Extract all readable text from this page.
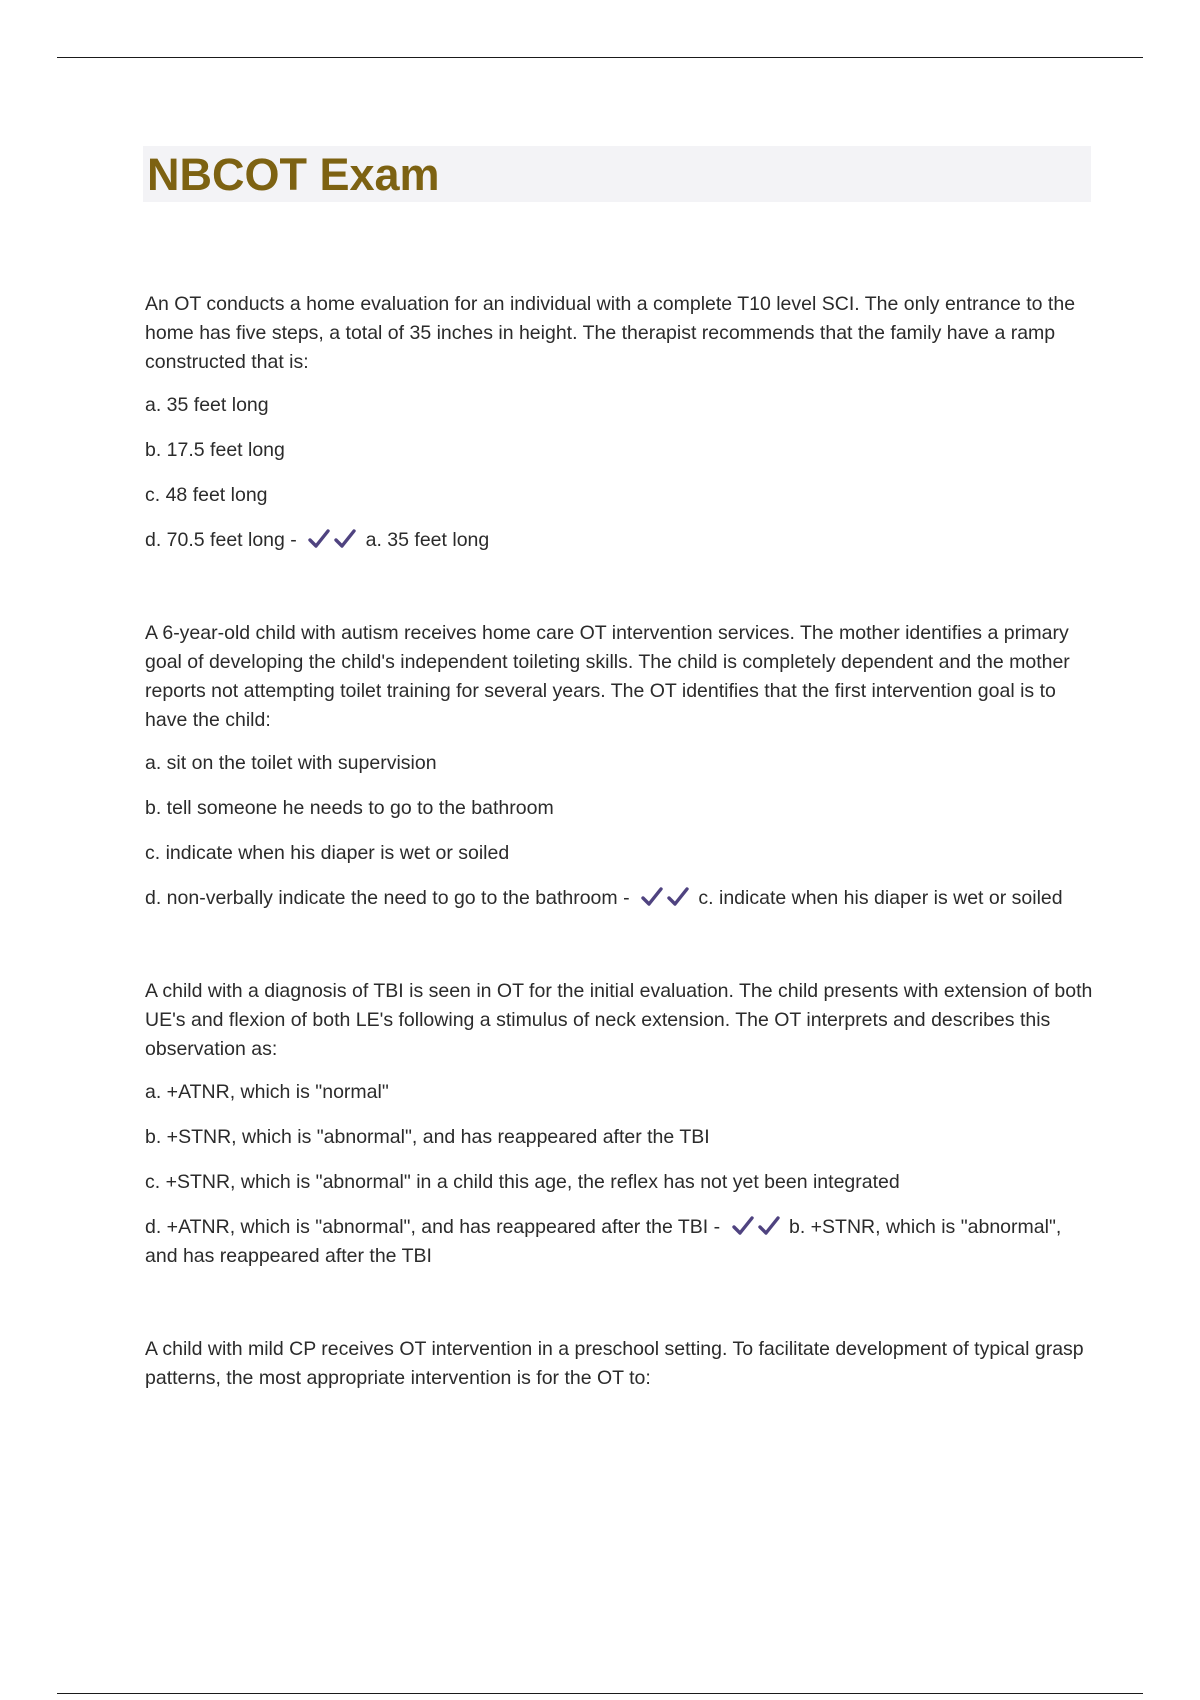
NBCOT Exam

An OT conducts a home evaluation for an individual with a complete T10 level SCI. The only entrance to the home has five steps, a total of 35 inches in height. The therapist recommends that the family have a ramp constructed that is:

a. 35 feet long

b. 17.5 feet long

c. 48 feet long

d. 70.5 feet long -	a. 35 feet long

A 6-year-old child with autism receives home care OT intervention services. The mother identifies a primary goal of developing the child's independent toileting skills. The child is completely dependent and the mother reports not attempting toilet training for several years. The OT identifies that the first intervention goal is to have the child:

a. sit on the toilet with supervision

b. tell someone he needs to go to the bathroom

c. indicate when his diaper is wet or soiled

d. non-verbally indicate the need to go to the bathroom -	c. indicate when his diaper is wet or soiled

A child with a diagnosis of TBI is seen in OT for the initial evaluation. The child presents with extension of both UE's and flexion of both LE's following a stimulus of neck extension. The OT interprets and describes this observation as:

a. +ATNR, which is "normal"

b. +STNR, which is "abnormal", and has reappeared after the TBI

c. +STNR, which is "abnormal" in a child this age, the reflex has not yet been integrated

d. +ATNR, which is "abnormal", and has reappeared after the TBI -	b. +STNR, which is "abnormal", and has reappeared after the TBI

A child with mild CP receives OT intervention in a preschool setting. To facilitate development of typical grasp patterns, the most appropriate intervention is for the OT to:
